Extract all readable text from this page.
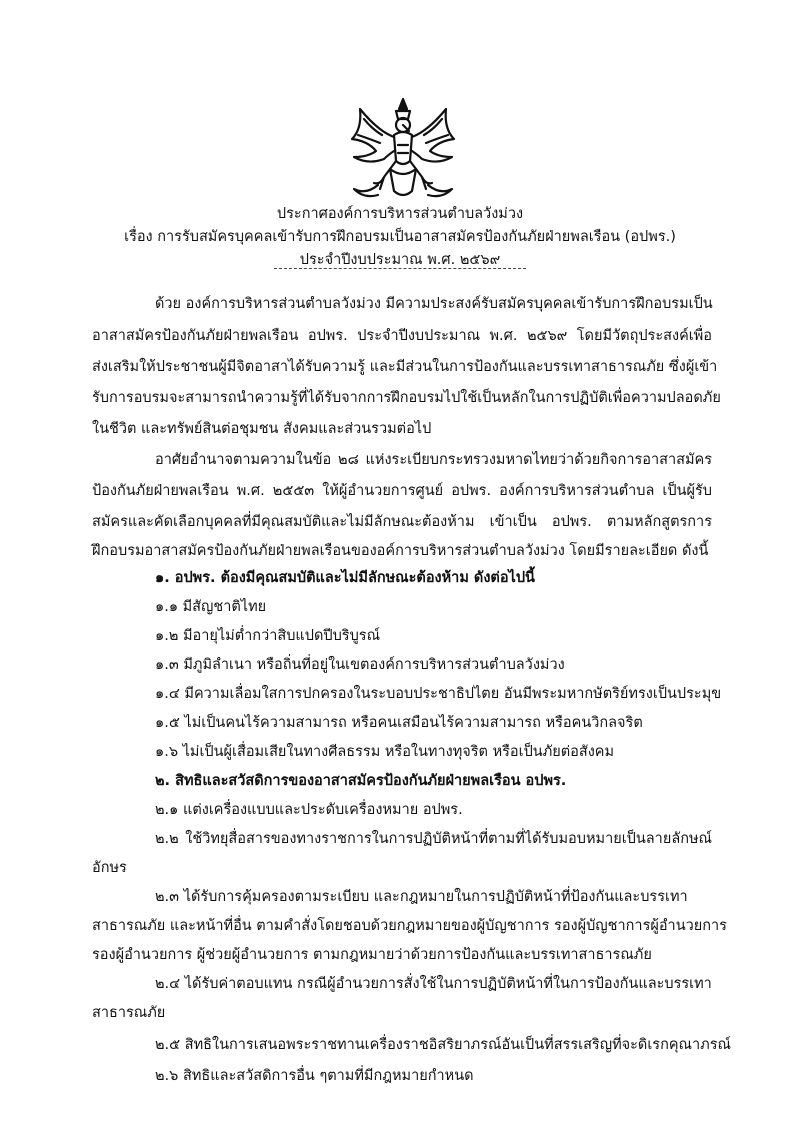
ประกาศองค์การบริหารส่วนตำบลวังม่วง
เรื่อง การรับสมัครบุคคลเข้ารับการฝึกอบรมเป็นอาสาสมัครป้องกันภัยฝ่ายพลเรือน (อปพร.)
ประจำปีงบประมาณ พ.ศ. ๒๕๖๙
ด้วย องค์การบริหารส่วนตำบลวังม่วง มีความประสงค์รับสมัครบุคคลเข้ารับการฝึกอบรมเป็น
อาสาสมัครป้องกันภัยฝ่ายพลเรือน อปพร. ประจำปีงบประมาณ พ.ศ. ๒๕๖๙ โดยมีวัตถุประสงค์เพื่อ
ส่งเสริมให้ประชาชนผู้มีจิตอาสาได้รับความรู้ และมีส่วนในการป้องกันและบรรเทาสาธารณภัย ซึ่งผู้เข้า
รับการอบรมจะสามารถนำความรู้ที่ได้รับจากการฝึกอบรมไปใช้เป็นหลักในการปฏิบัติเพื่อความปลอดภัย
ในชีวิต และทรัพย์สินต่อชุมชน สังคมและส่วนรวมต่อไป
อาศัยอำนาจตามความในข้อ ๒๘ แห่งระเบียบกระทรวงมหาดไทยว่าด้วยกิจการอาสาสมัคร
ป้องกันภัยฝ่ายพลเรือน พ.ศ. ๒๕๕๓ ให้ผู้อำนวยการศูนย์ อปพร. องค์การบริหารส่วนตำบล เป็นผู้รับ
สมัครและคัดเลือกบุคคลที่มีคุณสมบัติและไม่มีลักษณะต้องห้าม เข้าเป็น อปพร. ตามหลักสูตรการ
ฝึกอบรมอาสาสมัครป้องกันภัยฝ่ายพลเรือนของอค์การบริหารส่วนตำบลวังม่วง โดยมีรายละเอียด ดังนี้
๑. อปพร. ต้องมีคุณสมบัติและไม่มีลักษณะต้องห้าม ดังต่อไปนี้
๑.๑ มีสัญชาติไทย
๑.๒ มีอายุไม่ต่ำกว่าสิบแปดปีบริบูรณ์
๑.๓ มีภูมิลำเนา หรือถิ่นที่อยู่ในเขตองค์การบริหารส่วนตำบลวังม่วง
๑.๔ มีความเลื่อมใสการปกครองในระบอบประชาธิปไตย อันมีพระมหากษัตริย์ทรงเป็นประมุข
๑.๕ ไม่เป็นคนไร้ความสามารถ หรือคนเสมือนไร้ความสามารถ หรือคนวิกลจริต
๑.๖ ไม่เป็นผู้เสื่อมเสียในทางศีลธรรม หรือในทางทุจริต หรือเป็นภัยต่อสังคม
๒. สิทธิและสวัสดิการของอาสาสมัครป้องกันภัยฝ่ายพลเรือน อปพร.
๒.๑ แต่งเครื่องแบบและประดับเครื่องหมาย อปพร.
๒.๒ ใช้วิทยุสื่อสารของทางราชการในการปฏิบัติหน้าที่ตามที่ได้รับมอบหมายเป็นลายลักษณ์
อักษร
๒.๓ ได้รับการคุ้มครองตามระเบียบ และกฎหมายในการปฏิบัติหน้าที่ป้องกันและบรรเทา
สาธารณภัย และหน้าที่อื่น ตามคำสั่งโดยชอบด้วยกฎหมายของผู้บัญชาการ รองผู้บัญชาการผู้อำนวยการ
รองผู้อำนวยการ ผู้ช่วยผู้อำนวยการ ตามกฎหมายว่าด้วยการป้องกันและบรรเทาสาธารณภัย
๒.๔ ได้รับค่าตอบแทน กรณีผู้อำนวยการสั่งใช้ในการปฏิบัติหน้าที่ในการป้องกันและบรรเทา
สาธารณภัย
๒.๕ สิทธิในการเสนอพระราชทานเครื่องราชอิสริยาภรณ์อันเป็นที่สรรเสริญที่จะดิเรกคุณาภรณ์
๒.๖ สิทธิและสวัสดิการอื่น ๆตามที่มีกฎหมายกำหนด
